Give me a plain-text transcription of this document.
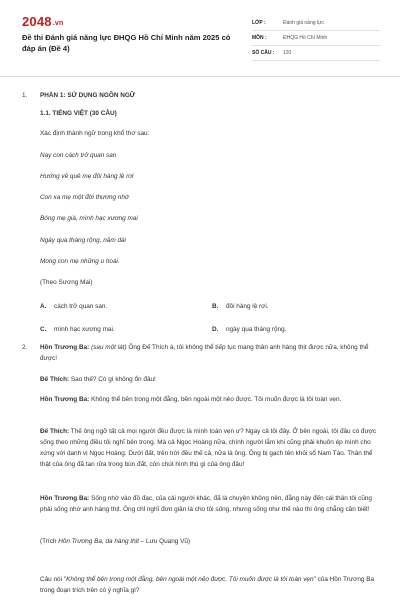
2048.vn
Đề thi Đánh giá năng lực ĐHQG Hồ Chí Minh năm 2025 có đáp án (Đề 4)
LỚP :	Đánh giá năng lực
MÔN :	ĐHQG Hồ Chí Minh
SỐ CÂU :	120
1.	PHẦN 1: SỬ DỤNG NGÔN NGỮ
1.1. TIẾNG VIỆT (30 CÂU)
Xác định thành ngữ trong khổ thơ sau:
Nay con cách trở quan san
Hướng về quê mẹ đôi hàng lệ rơi
Con xa mẹ một đời thương nhớ
Bóng mẹ già, mình hạc xương mai
Ngày qua tháng rộng, năm dài
Mong con mẹ những u hoài.
(Theo Sương Mai)
A. cách trở quan san.	B. đôi hàng lệ rơi.
C. mình hạc xương mai.	D. ngày qua tháng rộng.
2.	Hồn Trương Ba: (sau một lát) Ông Đế Thích à, tôi không thể tiếp tục mang thân anh hàng thịt được nữa, không thể được!

Đế Thích: Sao thế? Có gì không ổn đâu!

Hồn Trương Ba: Không thể bên trong một đằng, bên ngoài một nẻo được. Tôi muốn được là tôi toàn vẹn.

Đế Thích: Thế ông ngỡ tất cả mọi người đều được là mình toàn vẹn ư? Ngay cả tôi đây. Ở bên ngoài, tôi đâu có được sống theo những điều tôi nghĩ bên trong. Mà cả Ngọc Hoàng nữa, chính người lắm khi cũng phải khuôn ép mình cho xứng với danh vị Ngọc Hoàng. Dưới đất, trên trời đều thế cả, nữa là ông. Ông bị gạch tên khỏi sổ Nam Tào. Thân thể thật của ông đã tan rữa trong bùn đất, còn chút hình thù gì của ông đâu!

Hồn Trương Ba: Sống nhờ vào đồ đạc, của cải người khác, đã là chuyện không nên, đằng này đến cái thân tôi cũng phải sống nhờ anh hàng thịt. Ông chỉ nghĩ đơn giản là cho tôi sống, nhưng sống như thế nào thì ông chẳng cần biết!

(Trích Hồn Trương Ba, da hàng thịt – Lưu Quang Vũ)

Câu nói "Không thể bên trong một đằng, bên ngoài một nẻo được. Tôi muốn được là tôi toàn vẹn" của Hồn Trương Ba trong đoạn trích trên có ý nghĩa gì?
